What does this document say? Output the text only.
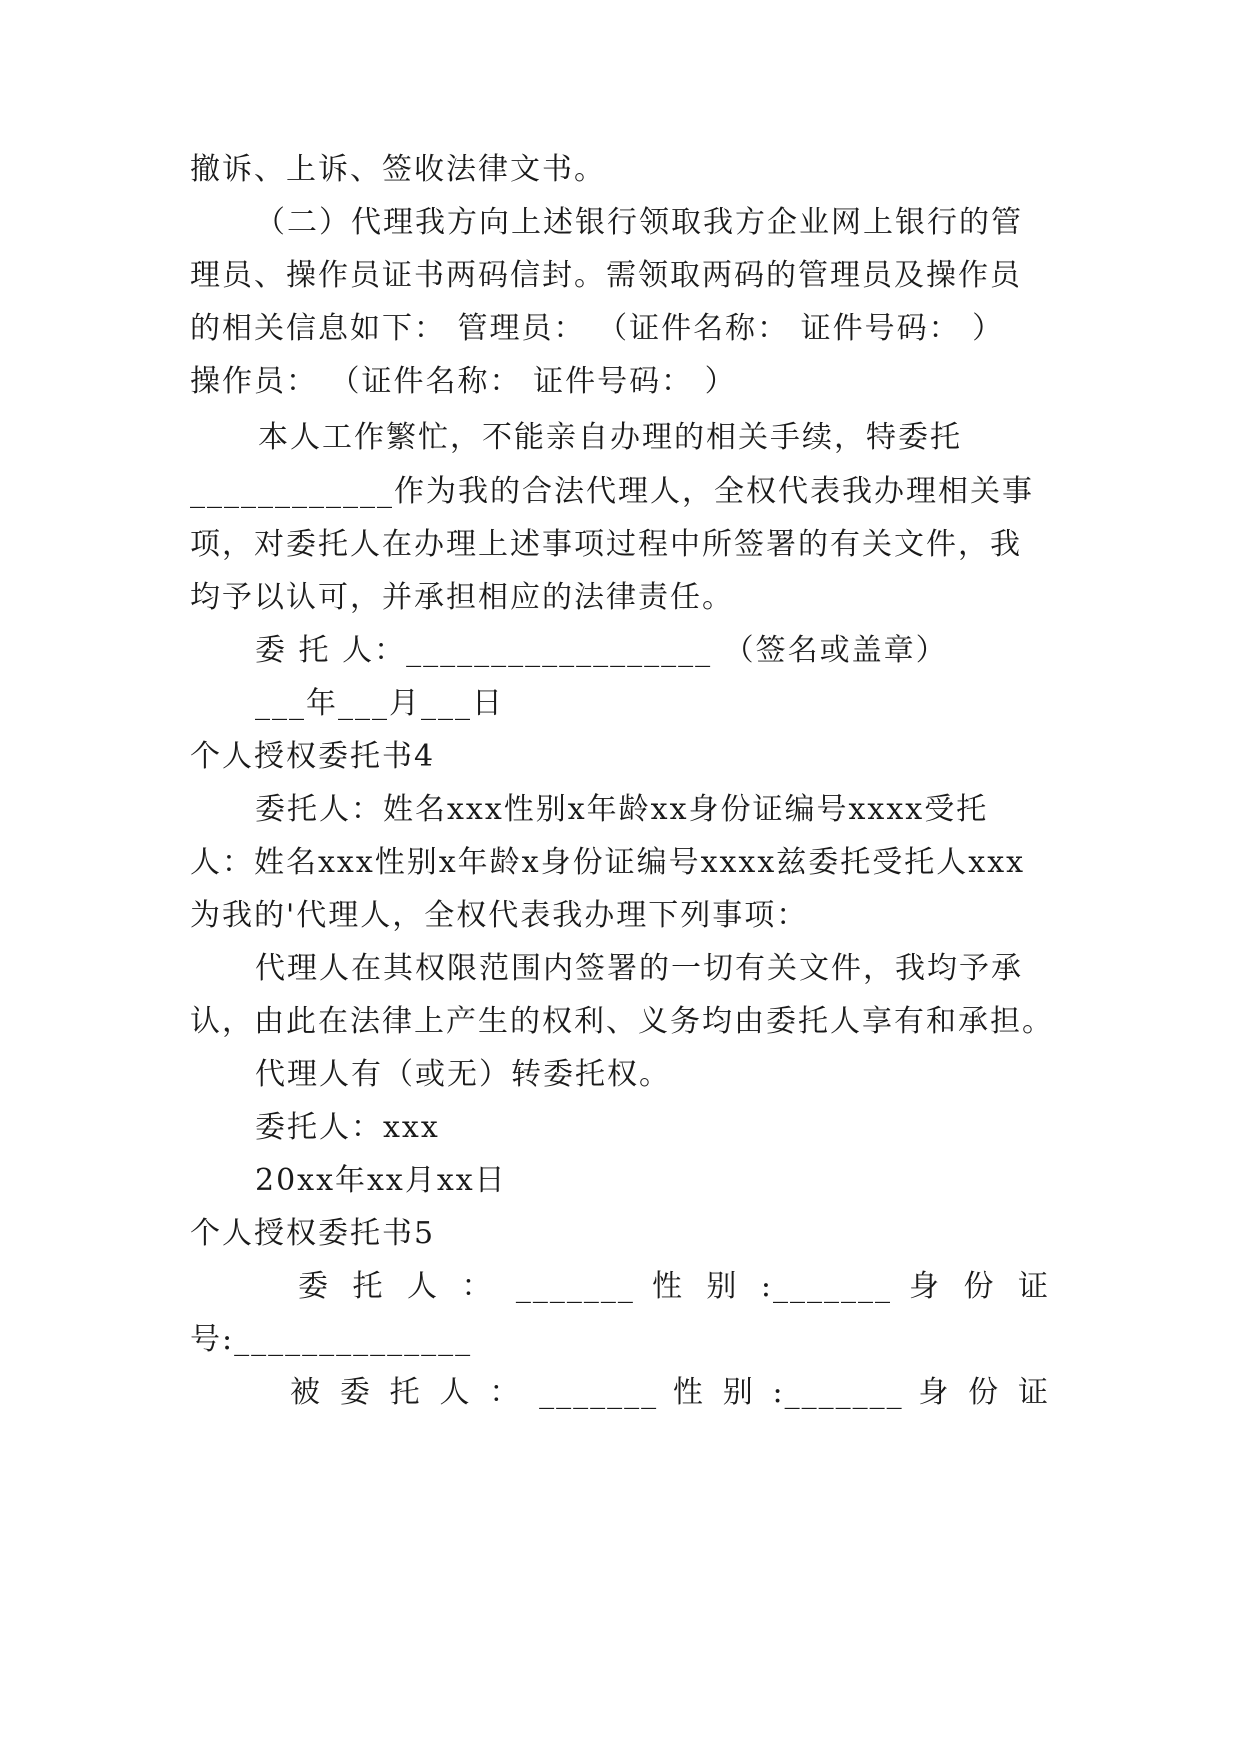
撤诉、上诉、签收法律文书。
（二）代理我方向上述银行领取我方企业网上银行的管
理员、操作员证书两码信封。需领取两码的管理员及操作员
的相关信息如下： 管理员： （证件名称： 证件号码： ）
操作员： （证件名称： 证件号码： ）
本人工作繁忙，不能亲自办理的相关手续，特委托
____________作为我的合法代理人，全权代表我办理相关事
项，对委托人在办理上述事项过程中所签署的有关文件，我
均予以认可，并承担相应的法律责任。
委 托 人：__________________ （签名或盖章）
___年___月___日
个人授权委托书4
委托人：姓名xxx性别x年龄xx身份证编号xxxx受托
人：姓名xxx性别x年龄x身份证编号xxxx兹委托受托人xxx
为我的'代理人，全权代表我办理下列事项：
代理人在其权限范围内签署的一切有关文件，我均予承
认，由此在法律上产生的权利、义务均由委托人享有和承担。
代理人有（或无）转委托权。
委托人：xxx
20xx年xx月xx日
个人授权委托书5
委 托 人 ： _______ 性 别 :_______ 身 份 证
号:______________
被 委 托 人 ： _______ 性 别 :_______ 身 份 证
